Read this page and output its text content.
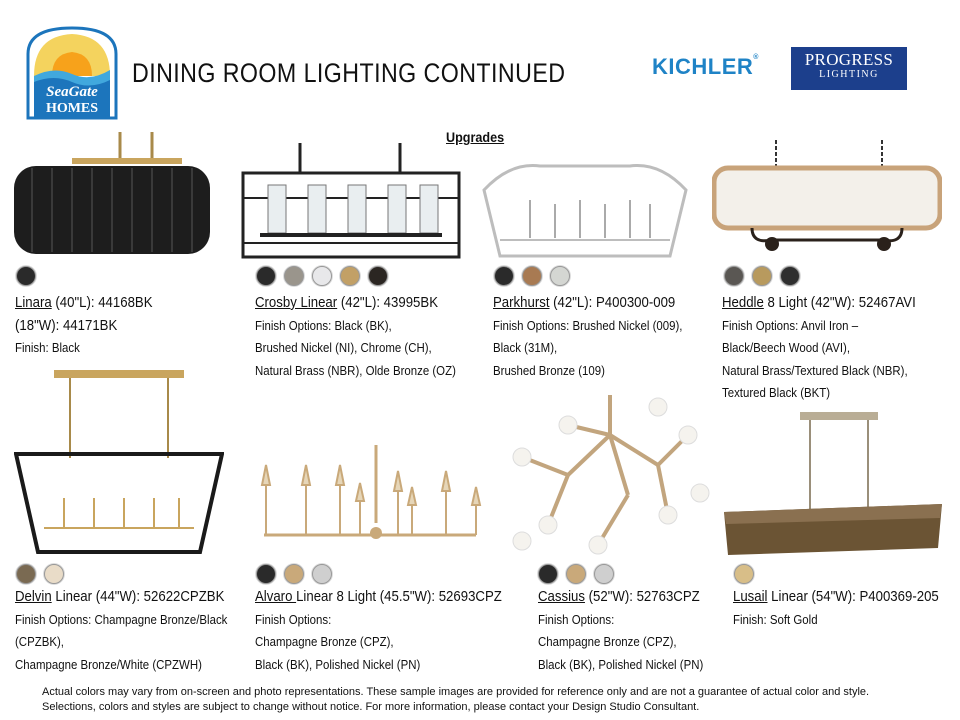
SeaGate
HOMES
DINING ROOM LIGHTING CONTINUED	KICHLER®	PROGRESS
LIGHTING
Upgrades
Linara (40"L): 44168BK
(18"W): 44171BK
Finish: Black
Crosby Linear (42"L): 43995BK
Finish Options: Black (BK),
Brushed Nickel (NI), Chrome (CH),
Natural Brass (NBR), Olde Bronze (OZ)
Parkhurst (42"L): P400300-009
Finish Options: Brushed Nickel (009),
Black (31M),
Brushed Bronze (109)
Heddle 8 Light (42"W): 52467AVI
Finish Options: Anvil Iron –
Black/Beech Wood (AVI),
Natural Brass/Textured Black (NBR),
Textured Black (BKT)
Delvin Linear (44"W): 52622CPZBK
Finish Options: Champagne Bronze/Black
(CPZBK),
Champagne Bronze/White (CPZWH)
Alvaro Linear 8 Light (45.5"W): 52693CPZ
Finish Options:
Champagne Bronze (CPZ),
Black (BK), Polished Nickel (PN)
Cassius (52"W): 52763CPZ
Finish Options:
Champagne Bronze (CPZ),
Black (BK), Polished Nickel (PN)
Lusail Linear (54"W): P400369-205
Finish: Soft Gold
Actual colors may vary from on-screen and photo representations. These sample images are provided for reference only and are not a guarantee of actual color and style. Selections, colors and styles are subject to change without notice. For more information, please contact your Design Studio Consultant.
